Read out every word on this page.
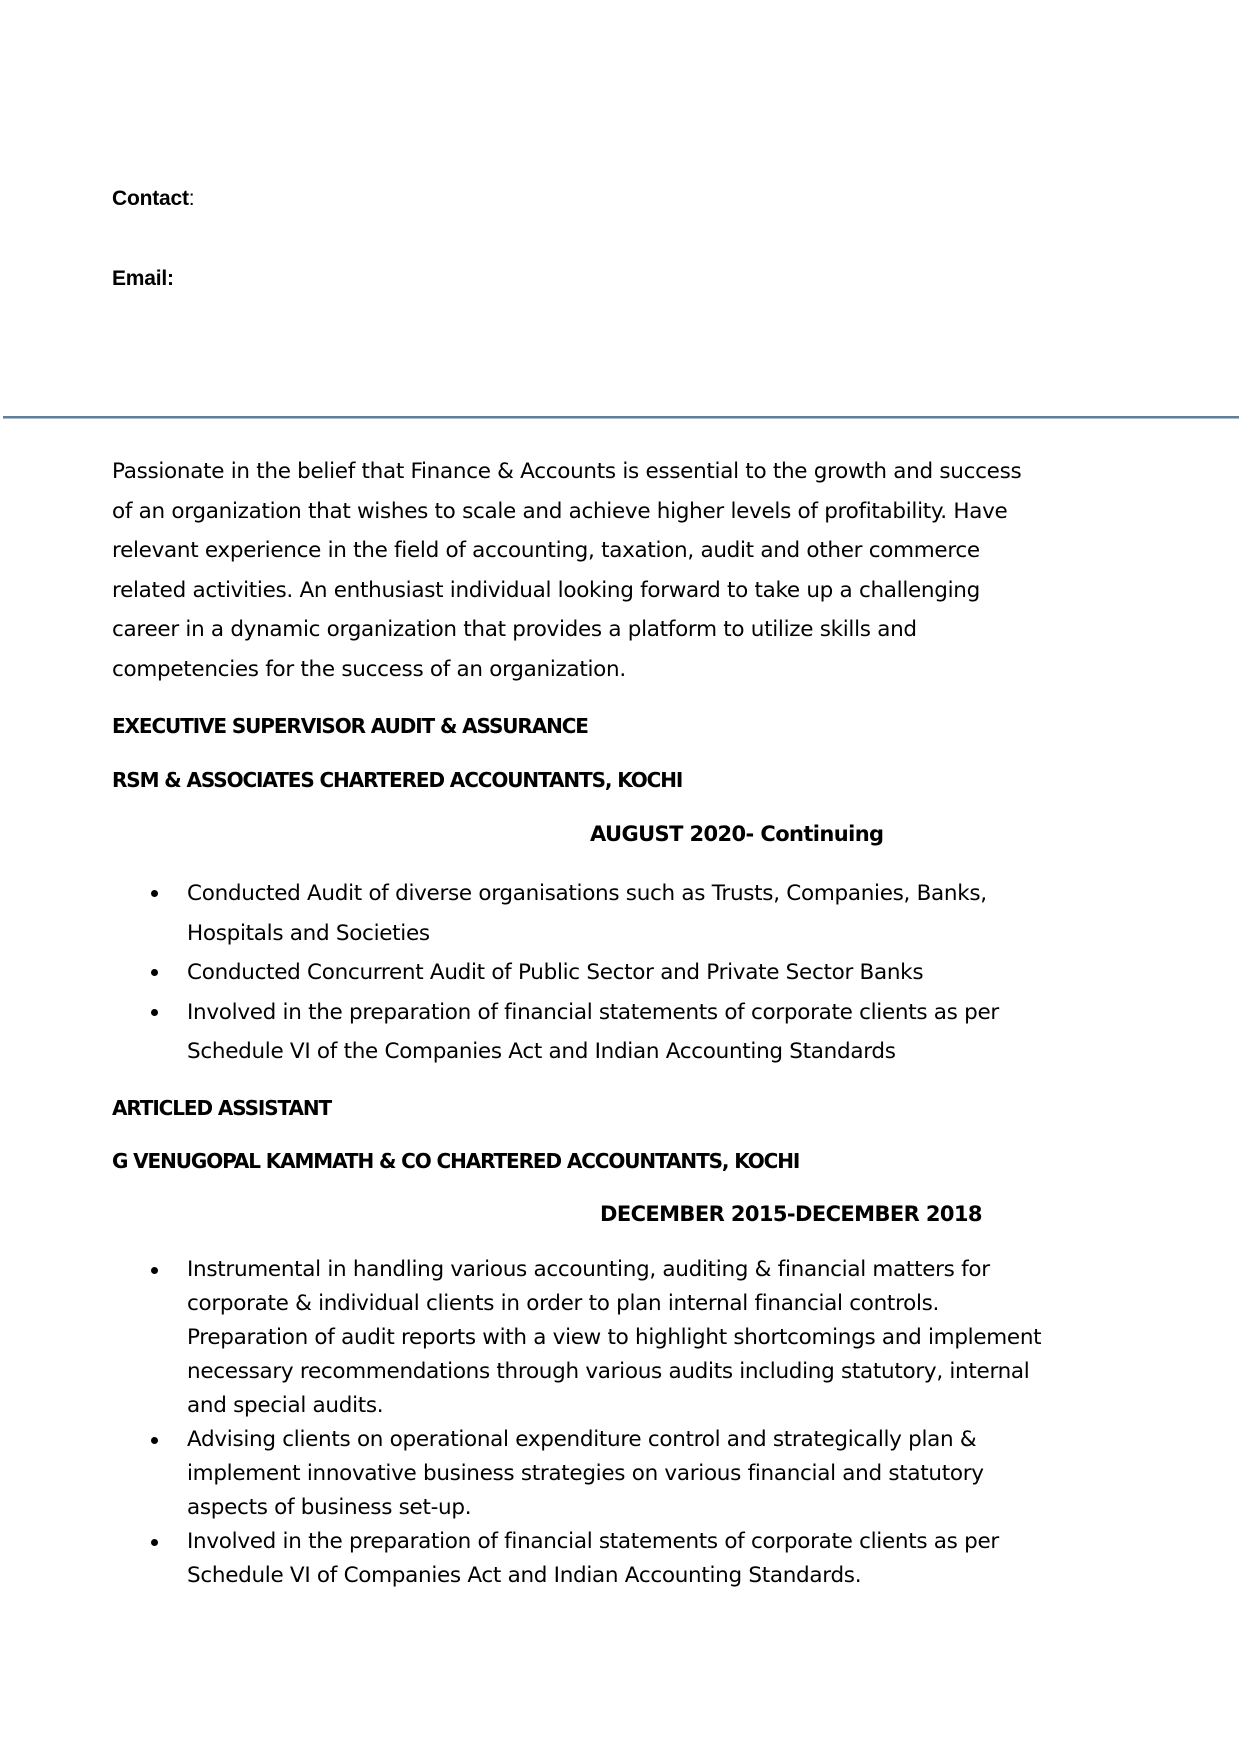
Contact:
Email:
Passionate in the belief that Finance & Accounts is essential to the growth and success
of an organization that wishes to scale and achieve higher levels of profitability. Have
relevant experience in the field of accounting, taxation, audit and other commerce
related activities. An enthusiast individual looking forward to take up a challenging
career in a dynamic organization that provides a platform to utilize skills and
competencies for the success of an organization.
EXECUTIVE SUPERVISOR AUDIT & ASSURANCE
RSM & ASSOCIATES CHARTERED ACCOUNTANTS, KOCHI
AUGUST 2020- Continuing
Conducted Audit of diverse organisations such as Trusts, Companies, Banks,
Hospitals and Societies
Conducted Concurrent Audit of Public Sector and Private Sector Banks
Involved in the preparation of financial statements of corporate clients as per
Schedule VI of the Companies Act and Indian Accounting Standards
ARTICLED ASSISTANT
G VENUGOPAL KAMMATH & CO CHARTERED ACCOUNTANTS, KOCHI
DECEMBER 2015-DECEMBER 2018
Instrumental in handling various accounting, auditing & financial matters for
corporate & individual clients in order to plan internal financial controls.
Preparation of audit reports with a view to highlight shortcomings and implement
necessary recommendations through various audits including statutory, internal
and special audits.
Advising clients on operational expenditure control and strategically plan &
implement innovative business strategies on various financial and statutory
aspects of business set-up.
Involved in the preparation of financial statements of corporate clients as per
Schedule VI of Companies Act and Indian Accounting Standards.
